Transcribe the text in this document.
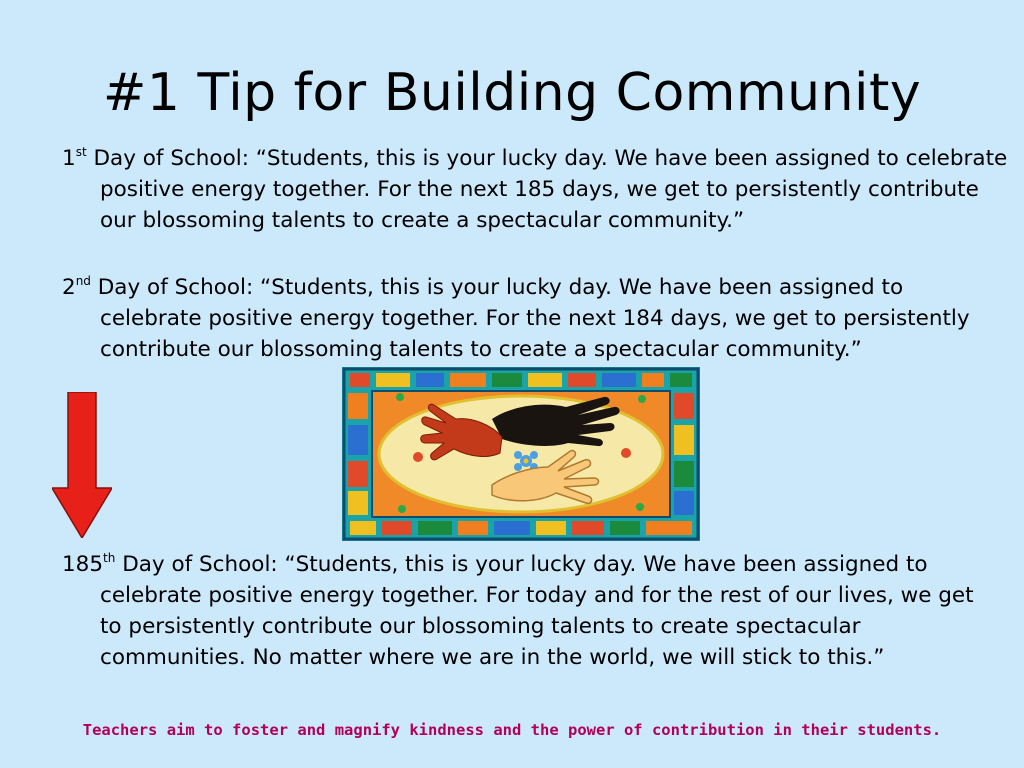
#1 Tip for Building Community
1st Day of School: “Students, this is your lucky day. We have been assigned to celebrate positive energy together. For the next 185 days, we get to persistently contribute our blossoming talents to create a spectacular community.”
2nd Day of School: “Students, this is your lucky day. We have been assigned to celebrate positive energy together. For the next 184 days, we get to persistently contribute our blossoming talents to create a spectacular community.”
185th Day of School: “Students, this is your lucky day. We have been assigned to celebrate positive energy together. For today and for the rest of our lives, we get to persistently contribute our blossoming talents to create spectacular communities. No matter where we are in the world, we will stick to this.”
Teachers aim to foster and magnify kindness and the power of contribution in their students.
